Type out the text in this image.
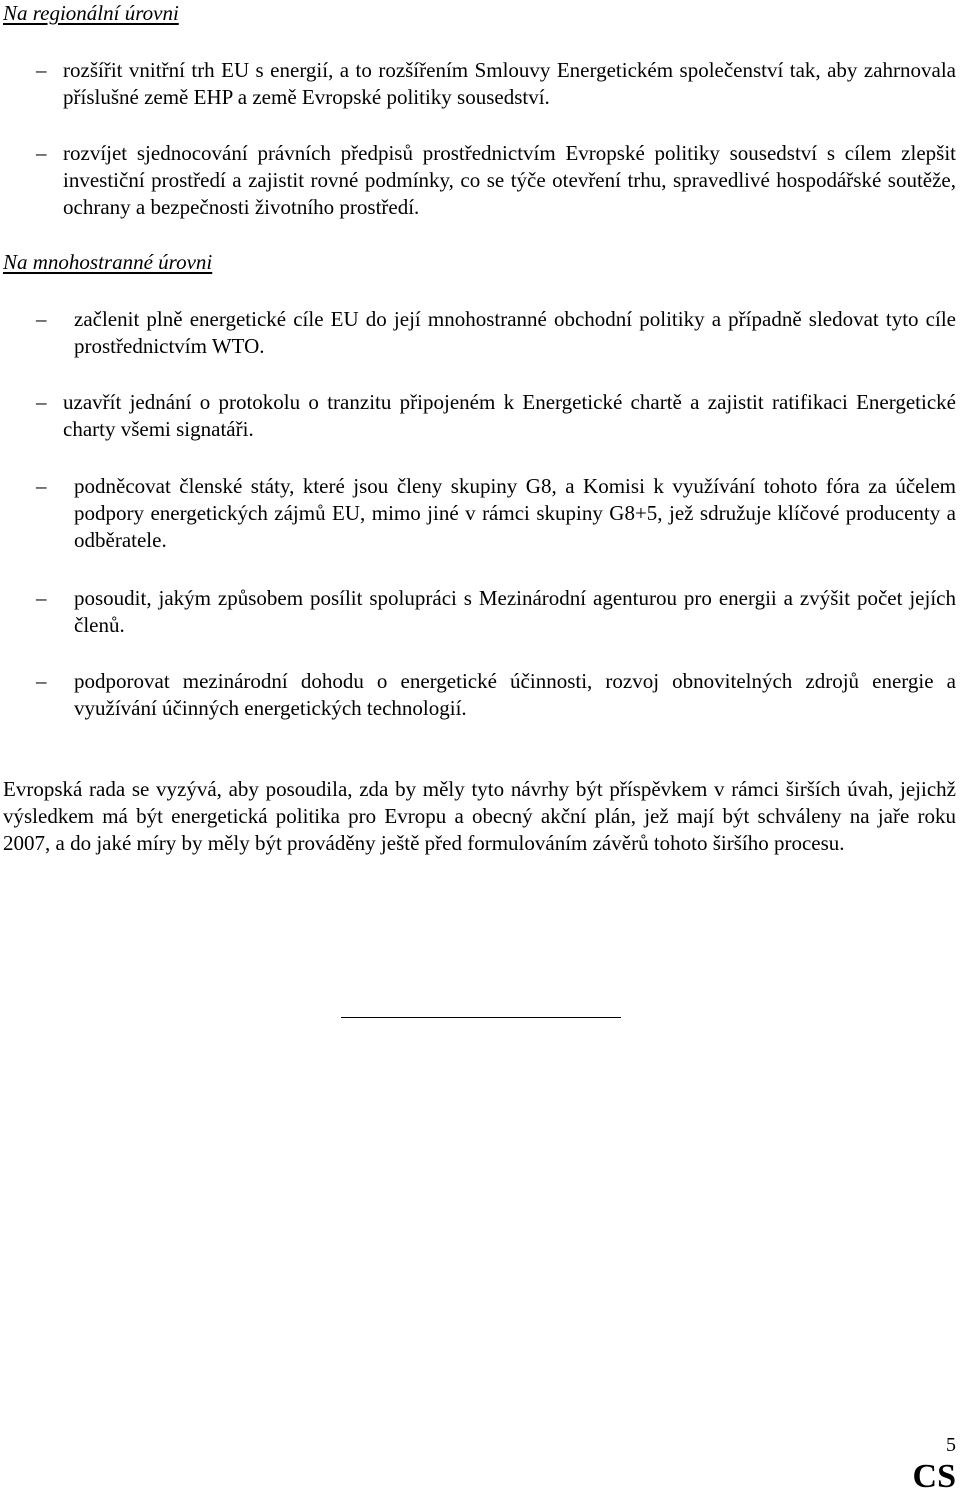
Na regionální úrovni
– rozšířit vnitřní trh EU s energií, a to rozšířením Smlouvy Energetickém společenství tak, aby zahrnovala příslušné země EHP a země Evropské politiky sousedství.
– rozvíjet sjednocování právních předpisů prostřednictvím Evropské politiky sousedství s cílem zlepšit investiční prostředí a zajistit rovné podmínky, co se týče otevření trhu, spravedlivé hospodářské soutěže, ochrany a bezpečnosti životního prostředí.
Na mnohostranné úrovni
–	začlenit plně energetické cíle EU do její mnohostranné obchodní politiky a případně sledovat tyto cíle prostřednictvím WTO.
– uzavřít jednání o protokolu o tranzitu připojeném k Energetické chartě a zajistit ratifikaci Energetické charty všemi signatáři.
–	podněcovat členské státy, které jsou členy skupiny G8, a Komisi k využívání tohoto fóra za účelem podpory energetických zájmů EU, mimo jiné v rámci skupiny G8+5, jež sdružuje klíčové producenty a odběratele.
–	posoudit, jakým způsobem posílit spolupráci s Mezinárodní agenturou pro energii a zvýšit počet jejích členů.
–	podporovat mezinárodní dohodu o energetické účinnosti, rozvoj obnovitelných zdrojů energie a využívání účinných energetických technologií.

Evropská rada se vyzývá, aby posoudila, zda by měly tyto návrhy být příspěvkem v rámci širších úvah, jejichž výsledkem má být energetická politika pro Evropu a obecný akční plán, jež mají být schváleny na jaře roku 2007, a do jaké míry by měly být prováděny ještě před formulováním závěrů tohoto širšího procesu.

5
CS
